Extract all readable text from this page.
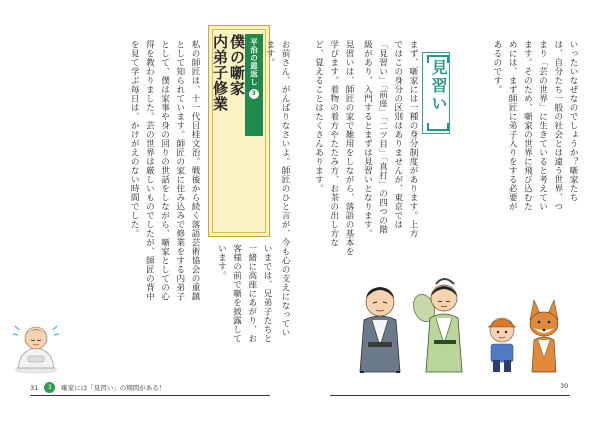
私の師匠は、十一代目桂文治。戦後から続く落語芸術協会の重鎮として知られています。師匠の家に住み込みで修業をする内弟子として、僕は家事や身の回りの世話をしながら、噺家としての心得を教わりました。芸の世界は厳しいものでしたが、師匠の背中を見て学ぶ毎日は、かけがえのない時間でした。	平治の恩返し
3
僕の噺家
内弟子修業	お前さん、がんばりなさいよ。師匠のひと言が、今も心の支えになっています。

いまでは、兄弟子たちと一緒に高座にあがり、お客様の前で噺を披露しています。

31	3	噺家には「見習い」の期間がある！

いったいなぜなのでしょうか？噺家たちは、自分たち一般の社会とは違う世界、つまり「芸の世界」に生きていると考えています。そのため、噺家の世界に飛び込むためには、まず師匠に弟子入りをする必要があるのです。

見習い

まず、噺家には一種の身分制度があります。上方ではこの身分の区別はありませんが、東京では「見習い」「前座」「二ツ目」「真打」の四つの階級があり、入門するとまずは見習いとなります。

見習いは、師匠の家で雑用をしながら、落語の基本を学びます。着物の着方やたたみ方、お茶の出し方など、覚えることはたくさんあります。

30
